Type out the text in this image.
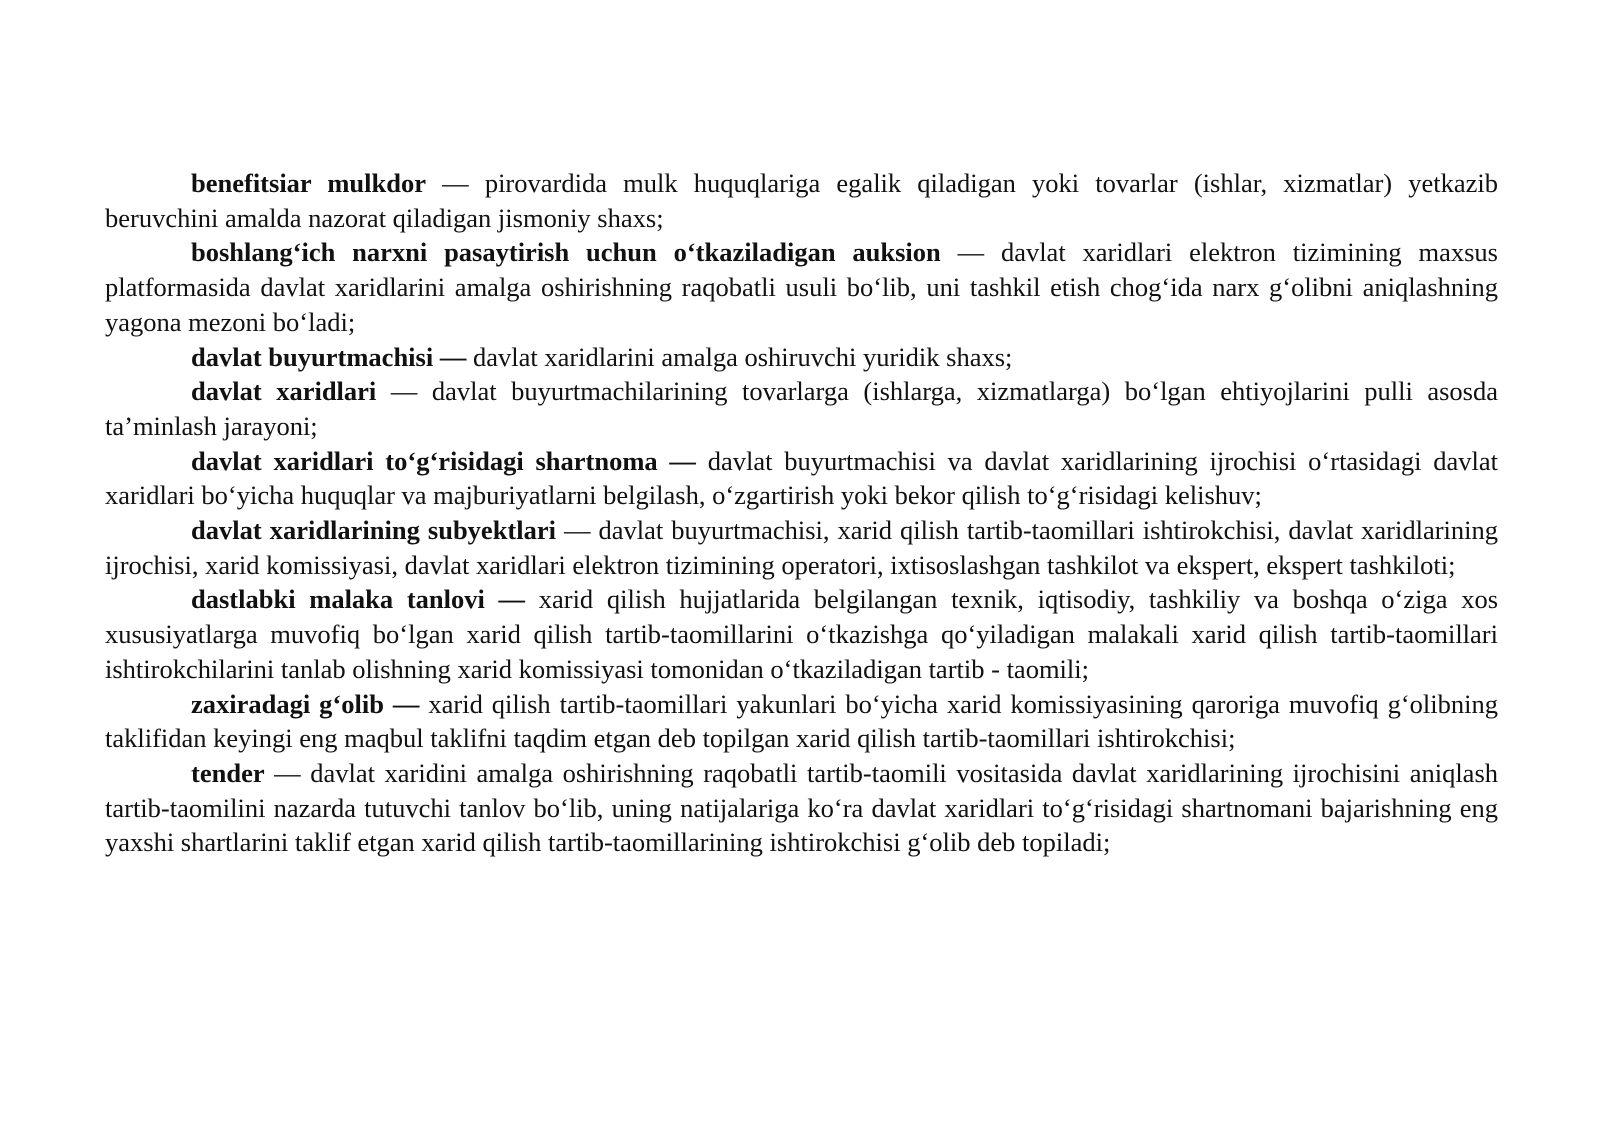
benefitsiar mulkdor — pirovardida mulk huquqlariga egalik qiladigan yoki tovarlar (ishlar, xizmatlar) yetkazib beruvchini amalda nazorat qiladigan jismoniy shaxs;

boshlang‘ich narxni pasaytirish uchun o‘tkaziladigan auksion — davlat xaridlari elektron tizimining maxsus platformasida davlat xaridlarini amalga oshirishning raqobatli usuli bo‘lib, uni tashkil etish chog‘ida narx g‘olibni aniqlashning yagona mezoni bo‘ladi;

davlat buyurtmachisi — davlat xaridlarini amalga oshiruvchi yuridik shaxs;

davlat xaridlari — davlat buyurtmachilarining tovarlarga (ishlarga, xizmatlarga) bo‘lgan ehtiyojlarini pulli asosda ta’minlash jarayoni;

davlat xaridlari to‘g‘risidagi shartnoma — davlat buyurtmachisi va davlat xaridlarining ijrochisi o‘rtasidagi davlat xaridlari bo‘yicha huquqlar va majburiyatlarni belgilash, o‘zgartirish yoki bekor qilish to‘g‘risidagi kelishuv;

davlat xaridlarining subyektlari — davlat buyurtmachisi, xarid qilish tartib-taomillari ishtirokchisi, davlat xaridlarining ijrochisi, xarid komissiyasi, davlat xaridlari elektron tizimining operatori, ixtisoslashgan tashkilot va ekspert, ekspert tashkiloti;

dastlabki malaka tanlovi — xarid qilish hujjatlarida belgilangan texnik, iqtisodiy, tashkiliy va boshqa o‘ziga xos xususiyatlarga muvofiq bo‘lgan xarid qilish tartib-taomillarini o‘tkazishga qo‘yiladigan malakali xarid qilish tartib-taomillari ishtirokchilarini tanlab olishning xarid komissiyasi tomonidan o‘tkaziladigan tartib - taomili;

zaxiradagi g‘olib — xarid qilish tartib-taomillari yakunlari bo‘yicha xarid komissiyasining qaroriga muvofiq g‘olibning taklifidan keyingi eng maqbul taklifni taqdim etgan deb topilgan xarid qilish tartib-taomillari ishtirokchisi;

tender — davlat xaridini amalga oshirishning raqobatli tartib-taomili vositasida davlat xaridlarining ijrochisini aniqlash tartib-taomilini nazarda tutuvchi tanlov bo‘lib, uning natijalariga ko‘ra davlat xaridlari to‘g‘risidagi shartnomani bajarishning eng yaxshi shartlarini taklif etgan xarid qilish tartib-taomillarining ishtirokchisi g‘olib deb topiladi;
